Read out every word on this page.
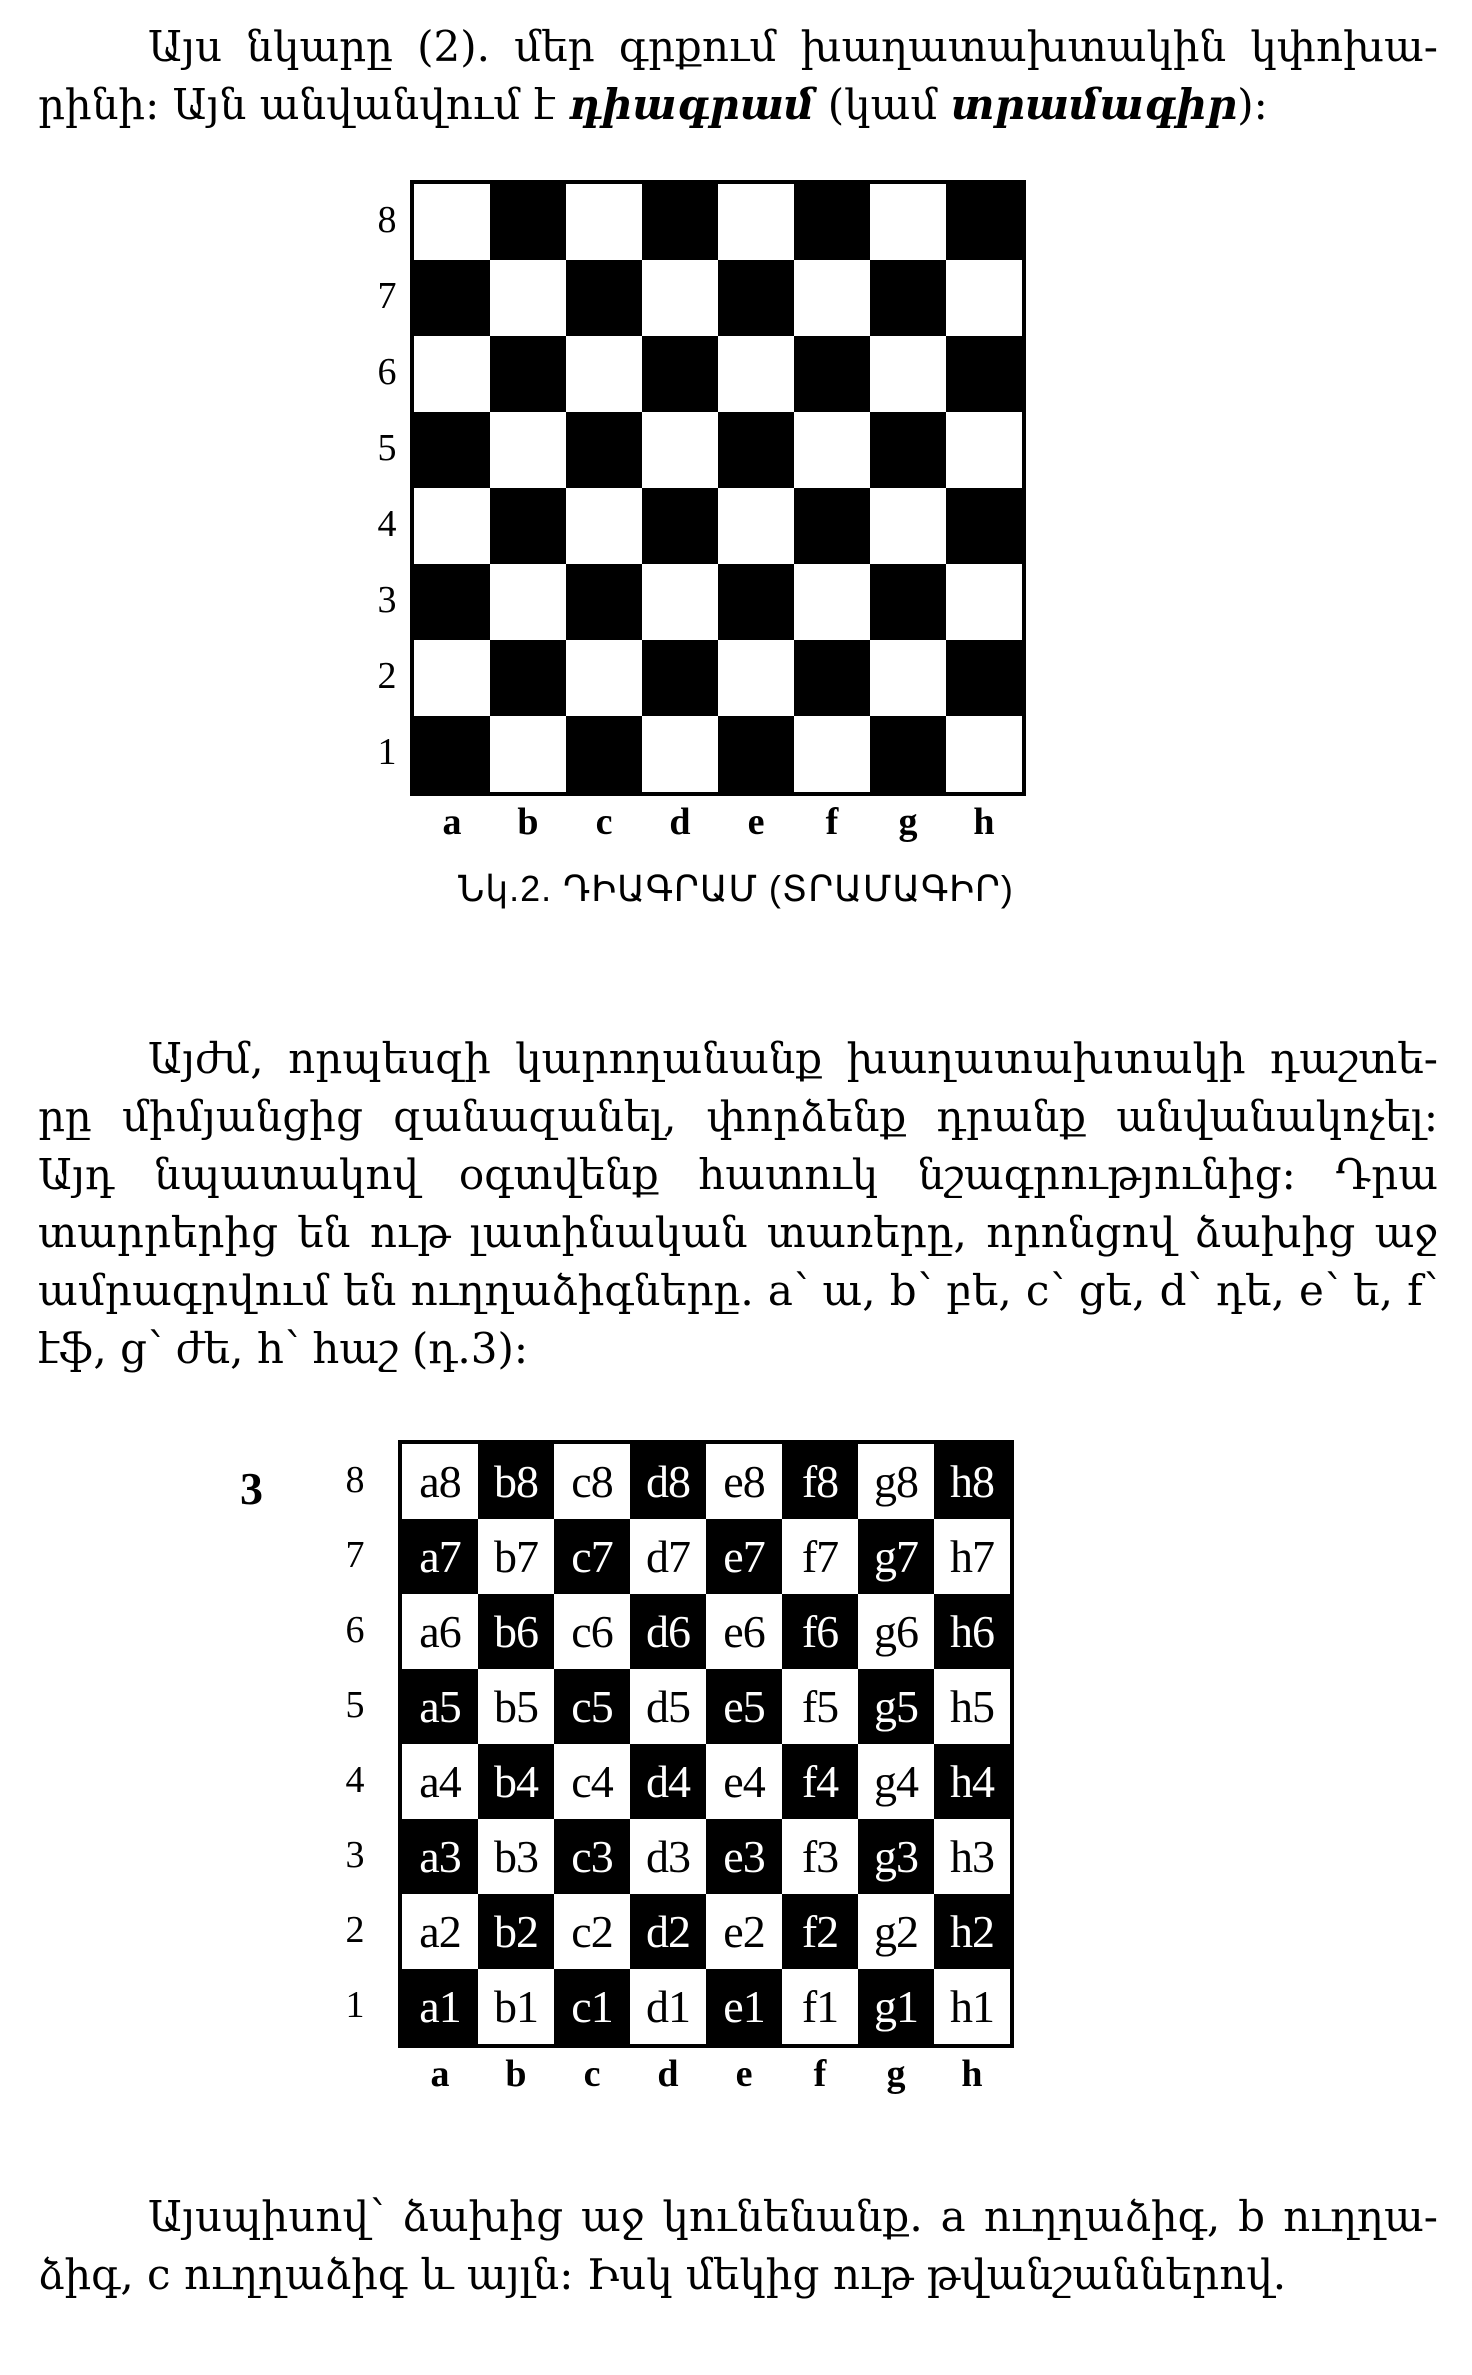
Այս նկարը (2). մեր գրքում խաղատախտակին կփոխա-րինի: Այն անվանվում է դիագրամ (կամ տրամագիր):

8
7
6
5
4
3
2
1
a	b	c	d	e	f	g	h
Նկ.2. ԴԻԱԳՐԱՄ (ՏՐԱՄԱԳԻՐ)

Այժմ, որպեսզի կարողանանք խաղատախտակի դաշտե-րը միմյանցից զանազանել, փորձենք դրանք անվանակոչել: Այդ նպատակով օգտվենք հատուկ նշագրությունից: Դրա տարրերից են ութ լատինական տառերը, որոնցով ձախից աջ ամրագրվում են ուղղաձիգները. a՝ ա, b՝ բե, c՝ ցե, d՝ դե, e՝ ե, f՝ էֆ, g՝ ժե, h՝ հաշ (դ.3):

3 8
7
6
5
4
3
2
1
a8 b8 c8 d8 e8 f8 g8 h8
a7 b7 c7 d7 e7 f7 g7 h7
a6 b6 c6 d6 e6 f6 g6 h6
a5 b5 c5 d5 e5 f5 g5 h5
a4 b4 c4 d4 e4 f4 g4 h4
a3 b3 c3 d3 e3 f3 g3 h3
a2 b2 c2 d2 e2 f2 g2 h2
a1 b1 c1 d1 e1 f1 g1 h1
a	b	c	d	e	f	g	h

Այսպիսով՝ ձախից աջ կունենանք. a ուղղաձիգ, b ուղղա-ձիգ, c ուղղաձիգ և այլն: Իսկ մեկից ութ թվանշաններով.
